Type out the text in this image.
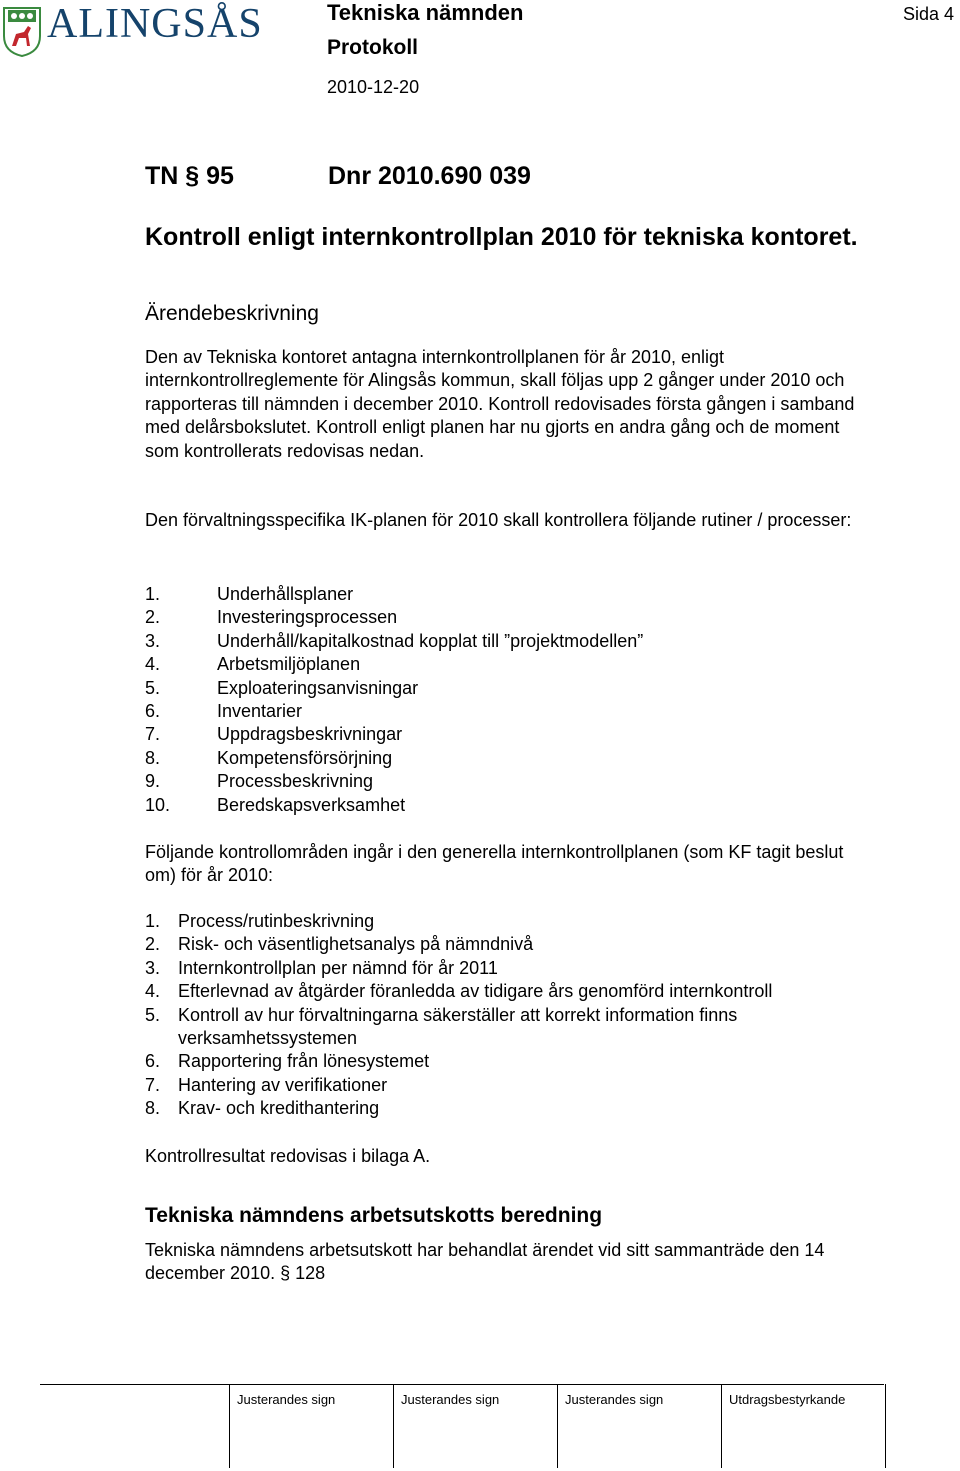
ALINGSÅS	Tekniska nämnden
Protokoll
2010-12-20
Sida 4
TN § 95	Dnr 2010.690 039
Kontroll enligt internkontrollplan 2010 för tekniska kontoret.
Ärendebeskrivning
Den av Tekniska kontoret antagna internkontrollplanen för år 2010, enligt internkontrollreglemente för Alingsås kommun, skall följas upp 2 gånger under 2010 och rapporteras till nämnden i december 2010. Kontroll redovisades första gången i samband med delårsbokslutet. Kontroll enligt planen har nu gjorts en andra gång och de moment som kontrollerats redovisas nedan.
Den förvaltningsspecifika IK-planen för 2010 skall kontrollera följande rutiner / processer:
1.	Underhållsplaner
2.	Investeringsprocessen
3.	Underhåll/kapitalkostnad kopplat till ”projektmodellen”
4.	Arbetsmiljöplanen
5.	Exploateringsanvisningar
6.	Inventarier
7.	Uppdragsbeskrivningar
8.	Kompetensförsörjning
9.	Processbeskrivning
10.	Beredskapsverksamhet
Följande kontrollområden ingår i den generella internkontrollplanen (som KF tagit beslut om) för år 2010:
1. Process/rutinbeskrivning
2. Risk- och väsentlighetsanalys på nämndnivå
3. Internkontrollplan per nämnd för år 2011
4. Efterlevnad av åtgärder föranledda av tidigare års genomförd internkontroll
5. Kontroll av hur förvaltningarna säkerställer att korrekt information finns verksamhetssystemen
6. Rapportering från lönesystemet
7. Hantering av verifikationer
8. Krav- och kredithantering
Kontrollresultat redovisas i bilaga A.
Tekniska nämndens arbetsutskotts beredning
Tekniska nämndens arbetsutskott har behandlat ärendet vid sitt sammanträde den 14 december 2010. § 128
Justerandes sign	Justerandes sign	Justerandes sign	Utdragsbestyrkande
